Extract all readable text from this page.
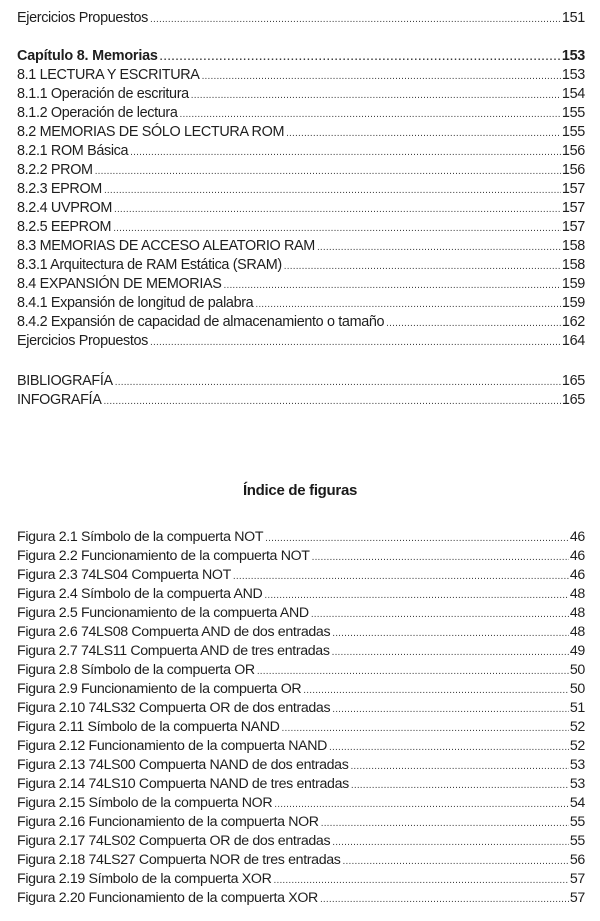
Ejercicios Propuestos .....	151
Capítulo 8. Memorias .....	153
8.1 LECTURA Y ESCRITURA .....	153
8.1.1 Operación de escritura .....	154
8.1.2 Operación de lectura .....	155
8.2 MEMORIAS DE SÓLO LECTURA ROM .....	155
8.2.1 ROM Básica .....	156
8.2.2 PROM .....	156
8.2.3 EPROM .....	157
8.2.4 UVPROM .....	157
8.2.5 EEPROM .....	157
8.3 MEMORIAS DE ACCESO ALEATORIO RAM .....	158
8.3.1 Arquitectura de RAM Estática (SRAM) .....	158
8.4 EXPANSIÓN DE MEMORIAS .....	159
8.4.1 Expansión de longitud de palabra .....	159
8.4.2 Expansión de capacidad de almacenamiento o tamaño .....	162
Ejercicios Propuestos .....	164
BIBLIOGRAFÍA .....	165
INFOGRAFÍA .....	165
Índice de figuras
Figura 2.1 Símbolo de la compuerta NOT .....	46
Figura 2.2 Funcionamiento de la compuerta NOT .....	46
Figura 2.3 74LS04 Compuerta NOT .....	46
Figura 2.4 Símbolo de la compuerta AND .....	48
Figura 2.5 Funcionamiento de la compuerta AND .....	48
Figura 2.6 74LS08 Compuerta AND de dos entradas .....	48
Figura 2.7 74LS11 Compuerta AND de tres entradas .....	49
Figura 2.8 Símbolo de la compuerta OR .....	50
Figura 2.9 Funcionamiento de la compuerta OR .....	50
Figura 2.10 74LS32 Compuerta OR de dos entradas .....	51
Figura 2.11 Símbolo de la compuerta NAND .....	52
Figura 2.12 Funcionamiento de la compuerta NAND .....	52
Figura 2.13 74LS00 Compuerta NAND de dos entradas .....	53
Figura 2.14 74LS10 Compuerta NAND de tres entradas .....	53
Figura 2.15 Símbolo de la compuerta NOR .....	54
Figura 2.16 Funcionamiento de la compuerta NOR .....	55
Figura 2.17 74LS02 Compuerta OR de dos entradas .....	55
Figura 2.18 74LS27 Compuerta NOR de tres entradas .....	56
Figura 2.19 Símbolo de la compuerta XOR .....	57
Figura 2.20 Funcionamiento de la compuerta XOR .....	57
